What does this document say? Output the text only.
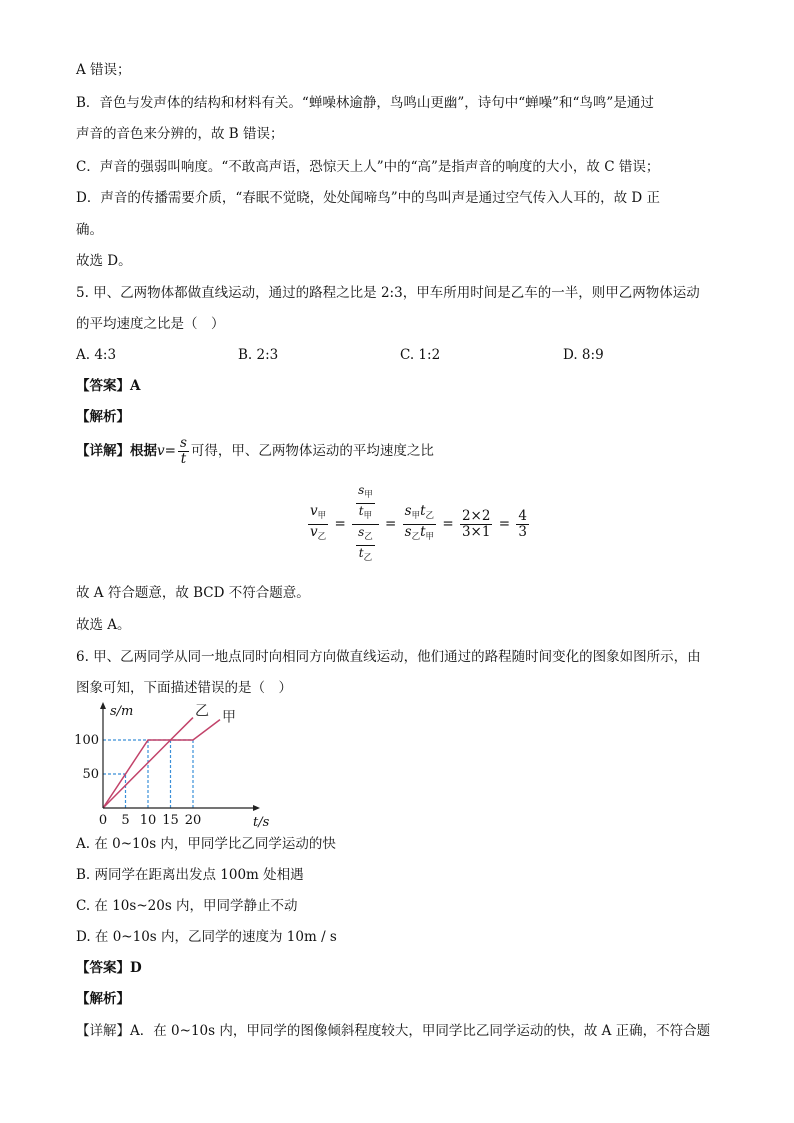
A 错误；
B．音色与发声体的结构和材料有关。“蝉噪林逾静，鸟鸣山更幽”，诗句中“蝉噪”和“鸟鸣”是通过
声音的音色来分辨的，故 B 错误；
C．声音的强弱叫响度。“不敢高声语，恐惊天上人”中的“高”是指声音的响度的大小，故 C 错误；
D．声音的传播需要介质，“春眠不觉晓，处处闻啼鸟”中的鸟叫声是通过空气传入人耳的，故 D 正
确。
故选 D。
5. 甲、乙两物体都做直线运动，通过的路程之比是 2:3，甲车所用时间是乙车的一半，则甲乙两物体运动
的平均速度之比是（　）
A. 4:3	B. 2:3	C. 1:2	D. 8:9
【答案】A
【解析】
【详解】根据$v= \frac{s}{t}$ 可得，甲、乙两物体运动的平均速度之比
$\frac{v_甲}{v_乙} = \frac{\frac{s_甲}{t_甲}}{\frac{s_乙}{t_乙}} = \frac{s_甲t_乙}{s_乙t_甲} = \frac{2\times 2}{3\times 1} = \frac{4}{3}$
故 A 符合题意，故 BCD 不符合题意。
故选 A。
6. 甲、乙两同学从同一地点同时向相同方向做直线运动，他们通过的路程随时间变化的图象如图所示，由
图象可知，下面描述错误的是（　）
甲
乙
s/m
t/s
0 5 10 15 20
50
100
A. 在 0~10s 内，甲同学比乙同学运动的快
B. 两同学在距离出发点 100m 处相遇
C. 在 10s~20s 内，甲同学静止不动
D. 在 0~10s 内，乙同学的速度为 10m / s
【答案】D
【解析】
【详解】A．在 0~10s 内，甲同学的图像倾斜程度较大，甲同学比乙同学运动的快，故 A 正确，不符合题
